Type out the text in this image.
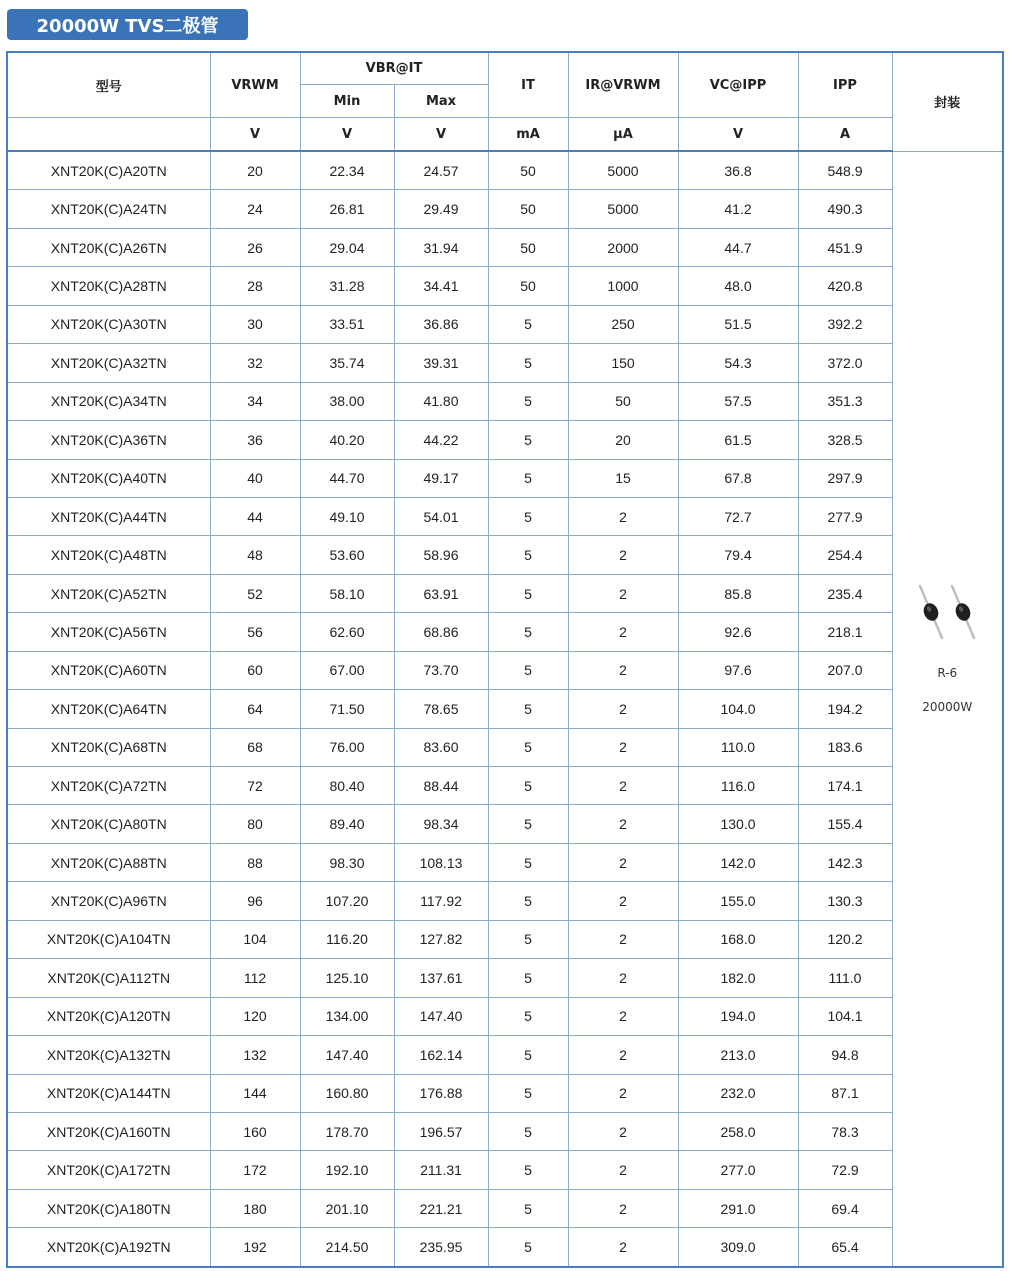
20000W TVS二极管
型号	VRWM	VBR@IT		IT	IR@VRWM	VC@IPP	IPP	封装
		Min	Max					
	V	V	V	mA	μA	V	A	
XNT20K(C)A20TN	20	22.34	24.57	50	5000	36.8	548.9	R-6
20000W

XNT20K(C)A24TN	24	26.81	29.49	50	5000	41.2	490.3	
XNT20K(C)A26TN	26	29.04	31.94	50	2000	44.7	451.9	
XNT20K(C)A28TN	28	31.28	34.41	50	1000	48.0	420.8	
XNT20K(C)A30TN	30	33.51	36.86	5	250	51.5	392.2	
XNT20K(C)A32TN	32	35.74	39.31	5	150	54.3	372.0	
XNT20K(C)A34TN	34	38.00	41.80	5	50	57.5	351.3	
XNT20K(C)A36TN	36	40.20	44.22	5	20	61.5	328.5	
XNT20K(C)A40TN	40	44.70	49.17	5	15	67.8	297.9	
XNT20K(C)A44TN	44	49.10	54.01	5	2	72.7	277.9	
XNT20K(C)A48TN	48	53.60	58.96	5	2	79.4	254.4	
XNT20K(C)A52TN	52	58.10	63.91	5	2	85.8	235.4	
XNT20K(C)A56TN	56	62.60	68.86	5	2	92.6	218.1	
XNT20K(C)A60TN	60	67.00	73.70	5	2	97.6	207.0	
XNT20K(C)A64TN	64	71.50	78.65	5	2	104.0	194.2	
XNT20K(C)A68TN	68	76.00	83.60	5	2	110.0	183.6	
XNT20K(C)A72TN	72	80.40	88.44	5	2	116.0	174.1	
XNT20K(C)A80TN	80	89.40	98.34	5	2	130.0	155.4	
XNT20K(C)A88TN	88	98.30	108.13	5	2	142.0	142.3	
XNT20K(C)A96TN	96	107.20	117.92	5	2	155.0	130.3	
XNT20K(C)A104TN	104	116.20	127.82	5	2	168.0	120.2	
XNT20K(C)A112TN	112	125.10	137.61	5	2	182.0	111.0	
XNT20K(C)A120TN	120	134.00	147.40	5	2	194.0	104.1	
XNT20K(C)A132TN	132	147.40	162.14	5	2	213.0	94.8	
XNT20K(C)A144TN	144	160.80	176.88	5	2	232.0	87.1	
XNT20K(C)A160TN	160	178.70	196.57	5	2	258.0	78.3	
XNT20K(C)A172TN	172	192.10	211.31	5	2	277.0	72.9	
XNT20K(C)A180TN	180	201.10	221.21	5	2	291.0	69.4	
XNT20K(C)A192TN	192	214.50	235.95	5	2	309.0	65.4	
